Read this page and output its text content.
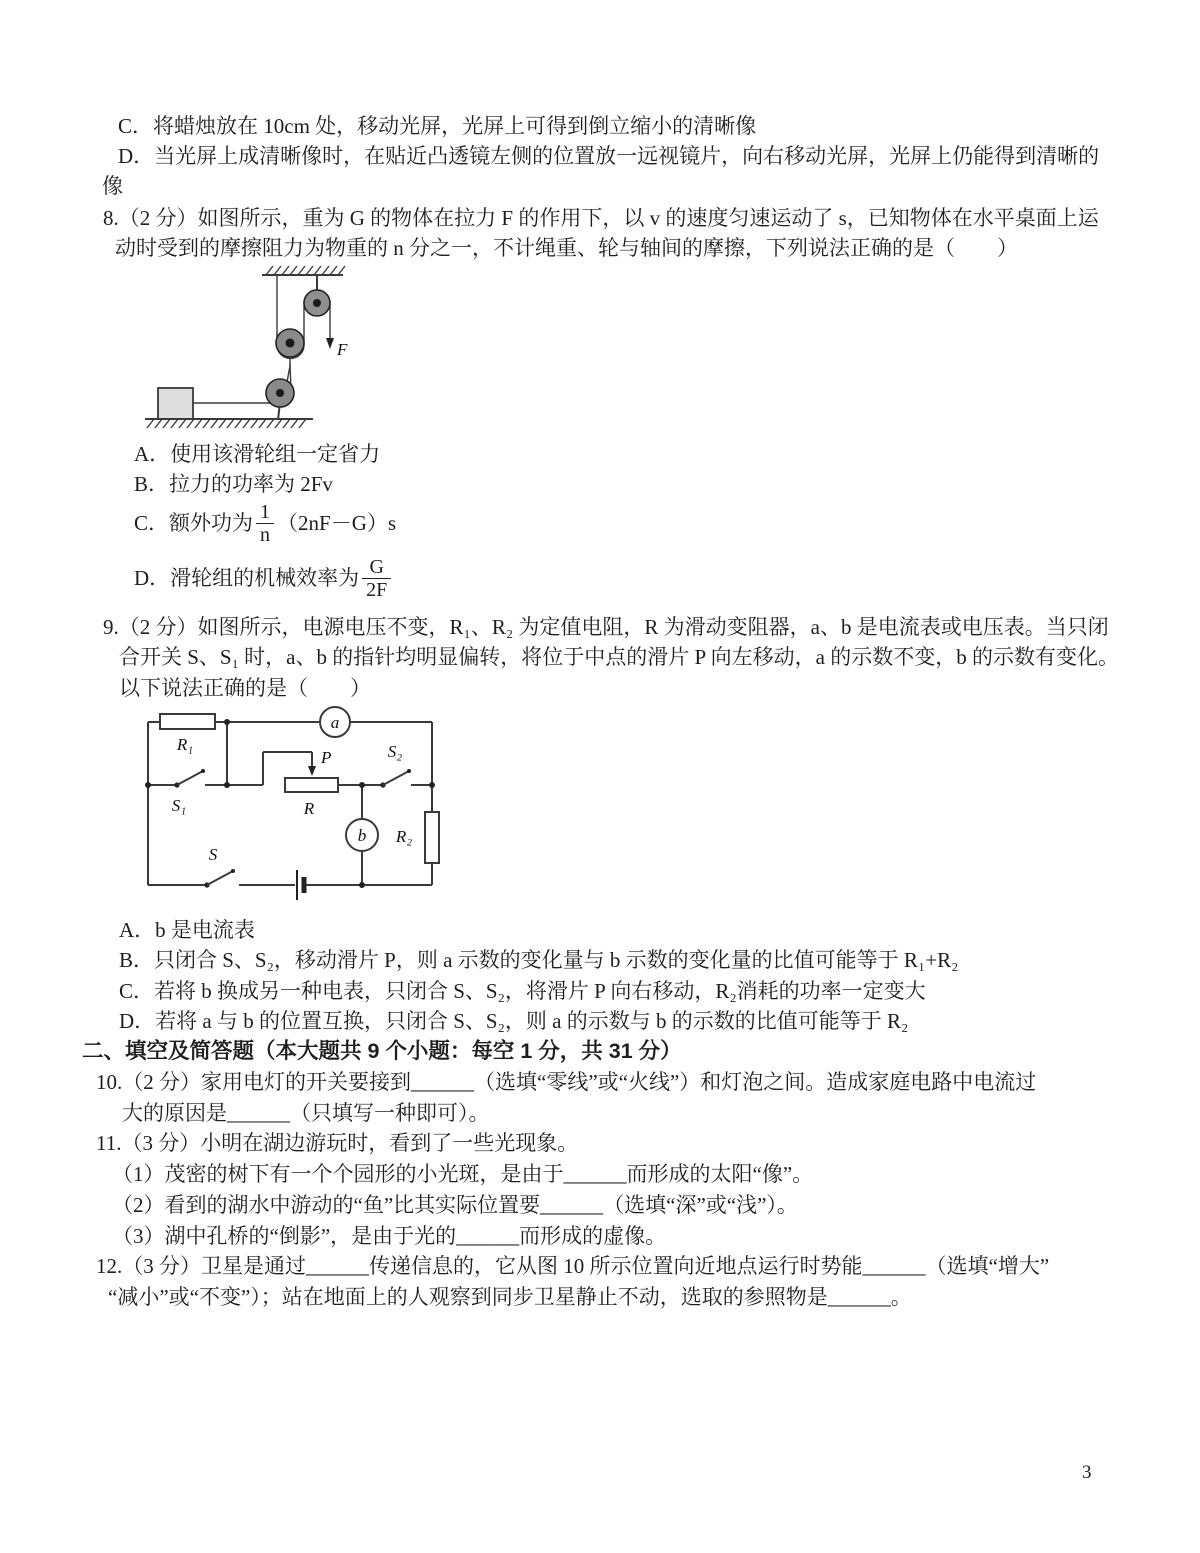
C．将蜡烛放在 10cm 处，移动光屏，光屏上可得到倒立缩小的清晰像
D．当光屏上成清晰像时，在贴近凸透镜左侧的位置放一远视镜片，向右移动光屏，光屏上仍能得到清晰的
像
8.（2 分）如图所示，重为 G 的物体在拉力 F 的作用下，以 v 的速度匀速运动了 s，已知物体在水平桌面上运
动时受到的摩擦阻力为物重的 n 分之一，不计绳重、轮与轴间的摩擦，下列说法正确的是（　　）
F
A．使用该滑轮组一定省力
B．拉力的功率为 2Fv
C．额外功为 $\frac{1}{n} (2nF-G)s$
D．滑轮组的机械效率为 $\frac{G}{2F}$
9.（2 分）如图所示，电源电压不变，R₁、R₂ 为定值电阻，R 为滑动变阻器，a、b 是电流表或电压表。当只闭
合开关 S、S₁ 时，a、b 的指针均明显偏转，将位于中点的滑片 P 向左移动，a 的示数不变，b 的示数有变化。
以下说法正确的是（　　）
R₁
S₁
S
a
P
R
S₂
b R₂
A．b 是电流表
B．只闭合 S、S₂，移动滑片 P，则 a 示数的变化量与 b 示数的变化量的比值可能等于 R₁+R₂
C．若将 b 换成另一种电表，只闭合 S、S₂，将滑片 P 向右移动，R₂消耗的功率一定变大
D．若将 a 与 b 的位置互换，只闭合 S、S₂，则 a 的示数与 b 的示数的比值可能等于 R₂
二、填空及简答题（本大题共 9 个小题：每空 1 分，共 31 分）
10.（2 分）家用电灯的开关要接到______（选填“零线”或“火线”）和灯泡之间。造成家庭电路中电流过
大的原因是______（只填写一种即可）。
11.（3 分）小明在湖边游玩时，看到了一些光现象。
（1）茂密的树下有一个个园形的小光斑，是由于______而形成的太阳“像”。
（2）看到的湖水中游动的“鱼”比其实际位置要______（选填“深”或“浅”）。
（3）湖中孔桥的“倒影”，是由于光的______而形成的虚像。
12.（3 分）卫星是通过______传递信息的，它从图 10 所示位置向近地点运行时势能______（选填“增大”
“减小”或“不变”）；站在地面上的人观察到同步卫星静止不动，选取的参照物是______。
3
